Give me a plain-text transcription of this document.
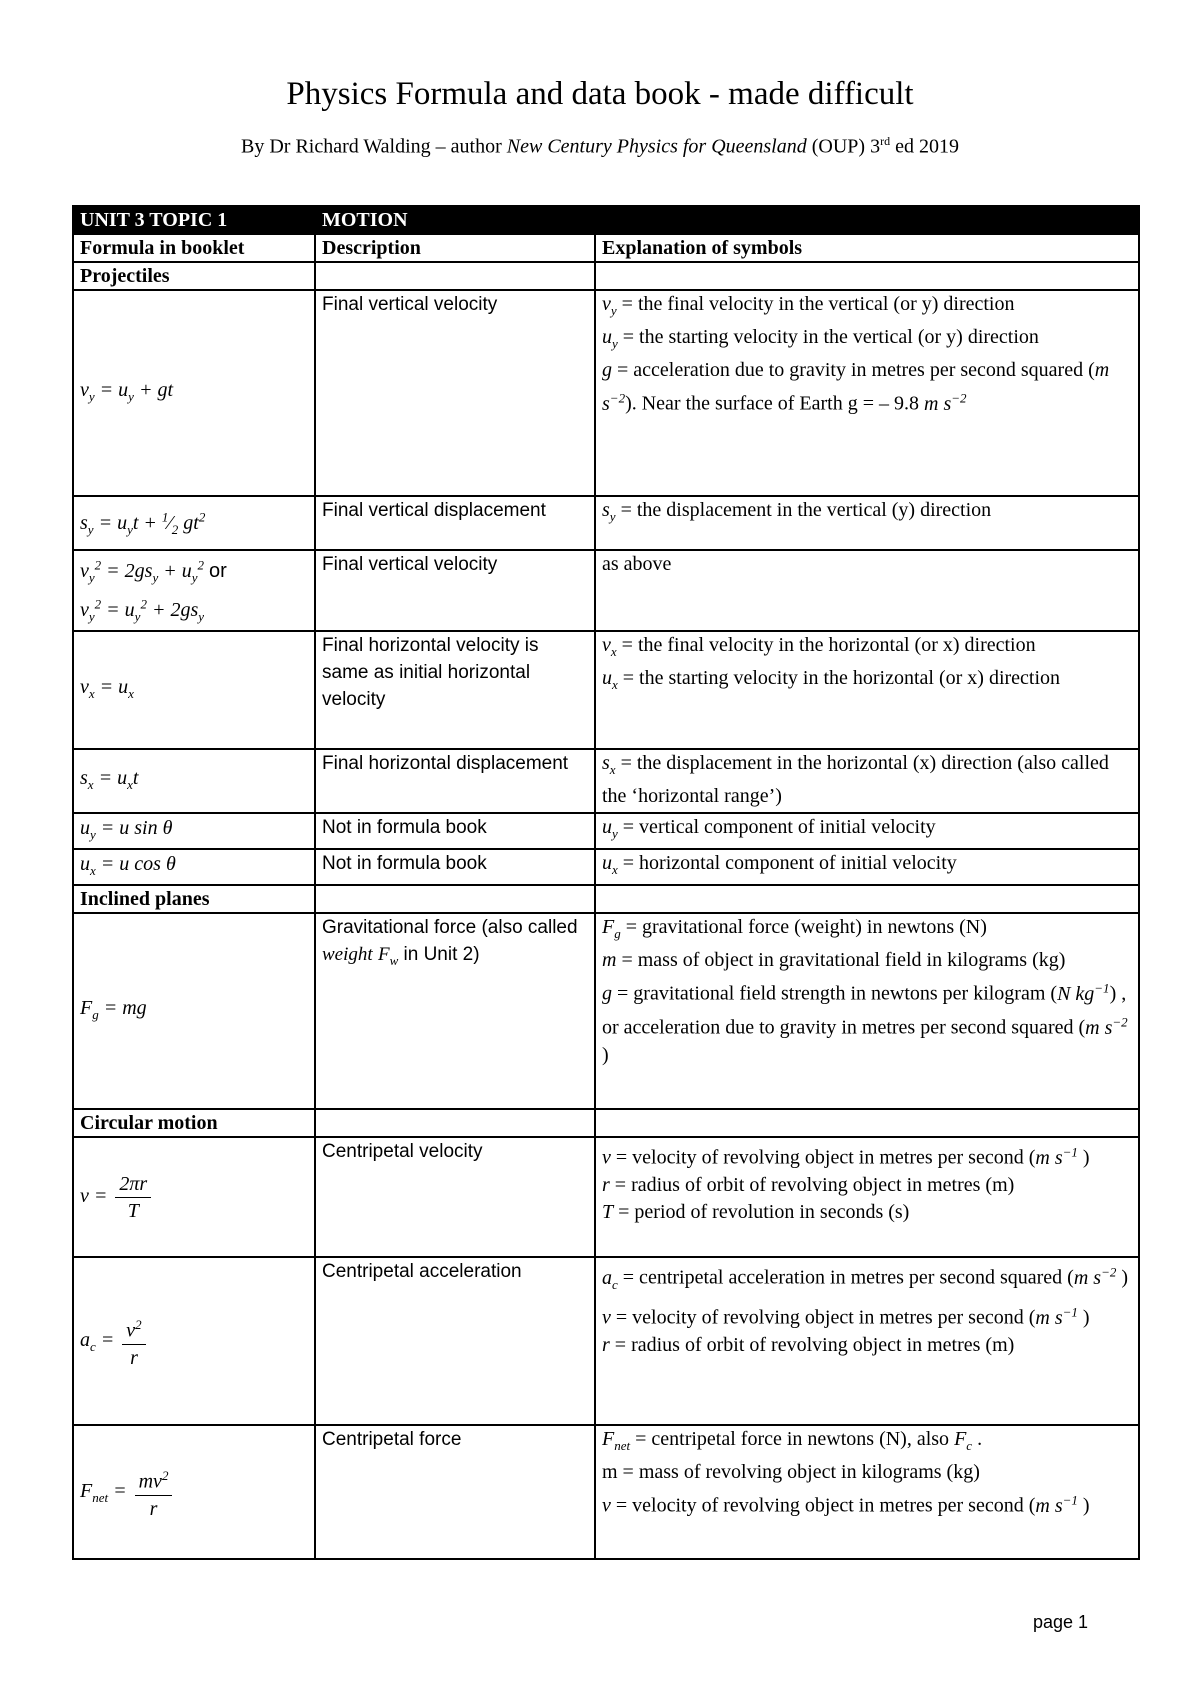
Physics Formula and data book - made difficult
By Dr Richard Walding – author New Century Physics for Queensland (OUP) 3rd ed 2019
UNIT 3 TOPIC 1	MOTION	
Formula in booklet	Description	Explanation of symbols
Projectiles		
$v_y = u_y$ + gt	Final vertical velocity	$v_y$ = the final velocity in the vertical (or y) direction
$u_y$ = the starting velocity in the vertical (or y) direction
g = acceleration due to gravity in metres per second squared (m $s^{-2}$). Near the surface of Earth g = – 9.8 m $s^{-2}$
$s_y = u_yt$ + $^1⁄_2$ $gt^2$	Final vertical displacement	$s_y$ = the displacement in the vertical (y) direction
$v_y^2 = 2gs_y + u_y^2$ or
$v_y^2 = u_y^2 + 2gs_y$	Final vertical velocity	as above
$v_x = u_x$	Final horizontal velocity is same as initial horizontal velocity	$v_x$ = the final velocity in the horizontal (or x) direction
$u_x$ = the starting velocity in the horizontal (or x) direction
$s_x = u_xt$	Final horizontal displacement	$s_x$ = the displacement in the horizontal (x) direction (also called the ‘horizontal range’)
$u_y = u$ sin θ	Not in formula book	$u_y$ = vertical component of initial velocity
$u_x = u$ cos θ	Not in formula book	$u_x$ = horizontal component of initial velocity
Inclined planes		
$F_g$ = mg	Gravitational force (also called weight $F_w$ in Unit 2)	$F_g$ = gravitational force (weight) in newtons (N)
m = mass of object in gravitational field in kilograms (kg)
g = gravitational field strength in newtons per kilogram (N $kg^{-1}$) , or acceleration due to gravity in metres per second squared (m $s^{-2}$ )
Circular motion		
$v = \frac{2\pi r}{T}$	Centripetal velocity	v = velocity of revolving object in metres per second (m $s^{-1}$ )
r = radius of orbit of revolving object in metres (m)
T = period of revolution in seconds (s)
$a_c = \frac{v^2}{r}$	Centripetal acceleration	$a_c$ = centripetal acceleration in metres per second squared (m $s^{-2}$ )
v = velocity of revolving object in metres per second (m $s^{-1}$ )
r = radius of orbit of revolving object in metres (m)
$F_{net} = \frac{mv^2}{r}$	Centripetal force	$F_{net}$ = centripetal force in newtons (N), also $F_c$ .
m = mass of revolving object in kilograms (kg)
v = velocity of revolving object in metres per second (m $s^{-1}$ )
page 1
